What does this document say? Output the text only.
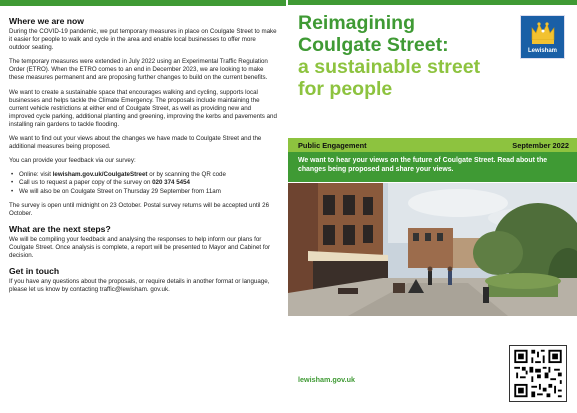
Where we are now

During the COVID-19 pandemic, we put temporary measures in place on Coulgate Street to make it easier for people to walk and cycle in the area and enable local businesses to offer more outdoor seating.

The temporary measures were extended in July 2022 using an Experimental Traffic Regulation Order (ETRO). When the ETRO comes to an end in December 2023, we are looking to make these measures permanent and are proposing further changes to build on the current benefits.

We want to create a sustainable space that encourages walking and cycling, supports local businesses and helps tackle the Climate Emergency. The proposals include maintaining the current vehicle restrictions at either end of Coulgate Street, as well as providing new and improved cycle parking, additional planting and greening, improving the kerbs and pavements and installing rain gardens to tackle flooding.

We want to find out your views about the changes we have made to Coulgate Street and the additional measures being proposed.

You can provide your feedback via our survey:

• Online: visit lewisham.gov.uk/CoulgateStreet or by scanning the QR code
• Call us to request a paper copy of the survey on 020 374 5454
• We will also be on Coulgate Street on Thursday 29 September from 11am

The survey is open until midnight on 23 October. Postal survey returns will be accepted until 26 October.

What are the next steps?

We will be compiling your feedback and analysing the responses to help inform our plans for Coulgate Street. Once analysis is complete, a report will be presented to Mayor and Cabinet for decision.

Get in touch

If you have any questions about the proposals, or require details in another format or language, please let us know by contacting traffic@lewisham. gov.uk.

Reimagining
Coulgate Street:
a sustainable street
for people
Lewisham
Public Engagement	September 2022
We want to hear your views on the future of Coulgate Street. Read about the changes being proposed and share your views.
lewisham.gov.uk
